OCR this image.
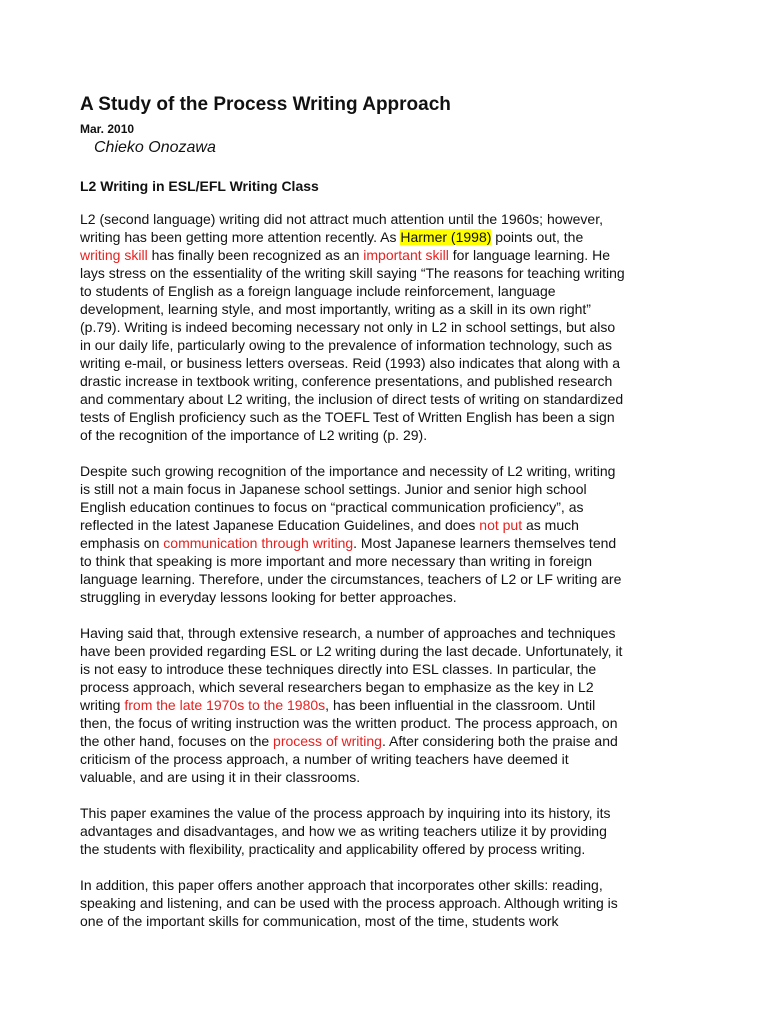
A Study of the Process Writing Approach
Mar. 2010
Chieko Onozawa
L2 Writing in ESL/EFL Writing Class

L2 (second language) writing did not attract much attention until the 1960s; however,
writing has been getting more attention recently. As Harmer (1998) points out, the
writing skill has finally been recognized as an important skill for language learning. He
lays stress on the essentiality of the writing skill saying “The reasons for teaching writing
to students of English as a foreign language include reinforcement, language
development, learning style, and most importantly, writing as a skill in its own right”
(p.79). Writing is indeed becoming necessary not only in L2 in school settings, but also
in our daily life, particularly owing to the prevalence of information technology, such as
writing e-mail, or business letters overseas. Reid (1993) also indicates that along with a
drastic increase in textbook writing, conference presentations, and published research
and commentary about L2 writing, the inclusion of direct tests of writing on standardized
tests of English proficiency such as the TOEFL Test of Written English has been a sign
of the recognition of the importance of L2 writing (p. 29).

Despite such growing recognition of the importance and necessity of L2 writing, writing
is still not a main focus in Japanese school settings. Junior and senior high school
English education continues to focus on “practical communication proficiency”, as
reflected in the latest Japanese Education Guidelines, and does not put as much
emphasis on communication through writing. Most Japanese learners themselves tend
to think that speaking is more important and more necessary than writing in foreign
language learning. Therefore, under the circumstances, teachers of L2 or LF writing are
struggling in everyday lessons looking for better approaches.

Having said that, through extensive research, a number of approaches and techniques
have been provided regarding ESL or L2 writing during the last decade. Unfortunately, it
is not easy to introduce these techniques directly into ESL classes. In particular, the
process approach, which several researchers began to emphasize as the key in L2
writing from the late 1970s to the 1980s, has been influential in the classroom. Until
then, the focus of writing instruction was the written product. The process approach, on
the other hand, focuses on the process of writing. After considering both the praise and
criticism of the process approach, a number of writing teachers have deemed it
valuable, and are using it in their classrooms.

This paper examines the value of the process approach by inquiring into its history, its
advantages and disadvantages, and how we as writing teachers utilize it by providing
the students with flexibility, practicality and applicability offered by process writing.

In addition, this paper offers another approach that incorporates other skills: reading,
speaking and listening, and can be used with the process approach. Although writing is
one of the important skills for communication, most of the time, students work
